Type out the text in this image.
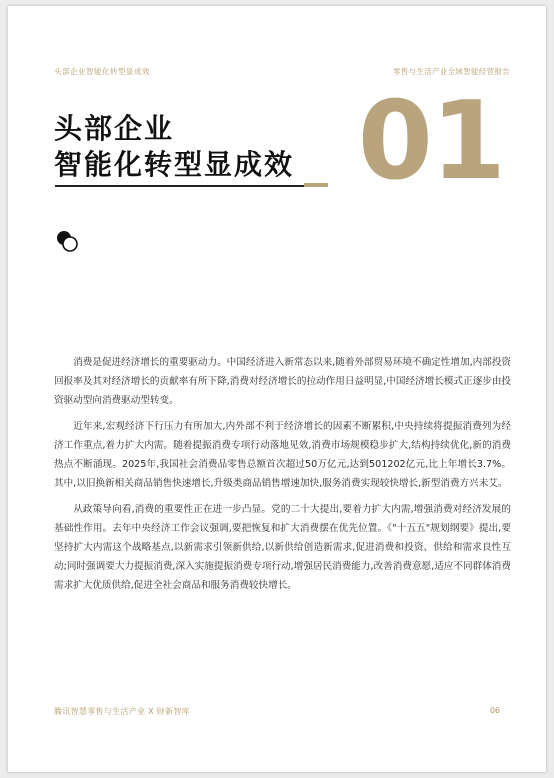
头部企业智能化转型显成效	零售与生活产业全域智能经营报告
头部企业
智能化转型显成效 01

消费是促进经济增长的重要驱动力。中国经济进入新常态以来,随着外部贸易环境不确定性增加,内部投资回报率及其对经济增长的贡献率有所下降,消费对经济增长的拉动作用日益明显,中国经济增长模式正逐步由投资驱动型向消费驱动型转变。

近年来,宏观经济下行压力有所加大,内外部不利于经济增长的因素不断累积,中央持续将提振消费列为经济工作重点,着力扩大内需。随着提振消费专项行动落地见效,消费市场规模稳步扩大,结构持续优化,新的消费热点不断涌现。2025年,我国社会消费品零售总额首次超过50万亿元,达到501202亿元,比上年增长3.7%。其中,以旧换新相关商品销售快速增长,升级类商品销售增速加快,服务消费实现较快增长,新型消费方兴未艾。

从政策导向看,消费的重要性正在进一步凸显。党的二十大提出,要着力扩大内需,增强消费对经济发展的基础性作用。去年中央经济工作会议强调,要把恢复和扩大消费摆在优先位置。《"十五五"规划纲要》提出,要坚持扩大内需这个战略基点,以新需求引领新供给,以新供给创造新需求,促进消费和投资、供给和需求良性互动;同时强调要大力提振消费,深入实施提振消费专项行动,增强居民消费能力,改善消费意愿,适应不同群体消费需求扩大优质供给,促进全社会商品和服务消费较快增长。

腾讯智慧零售与生活产业 X 财新智库	06
